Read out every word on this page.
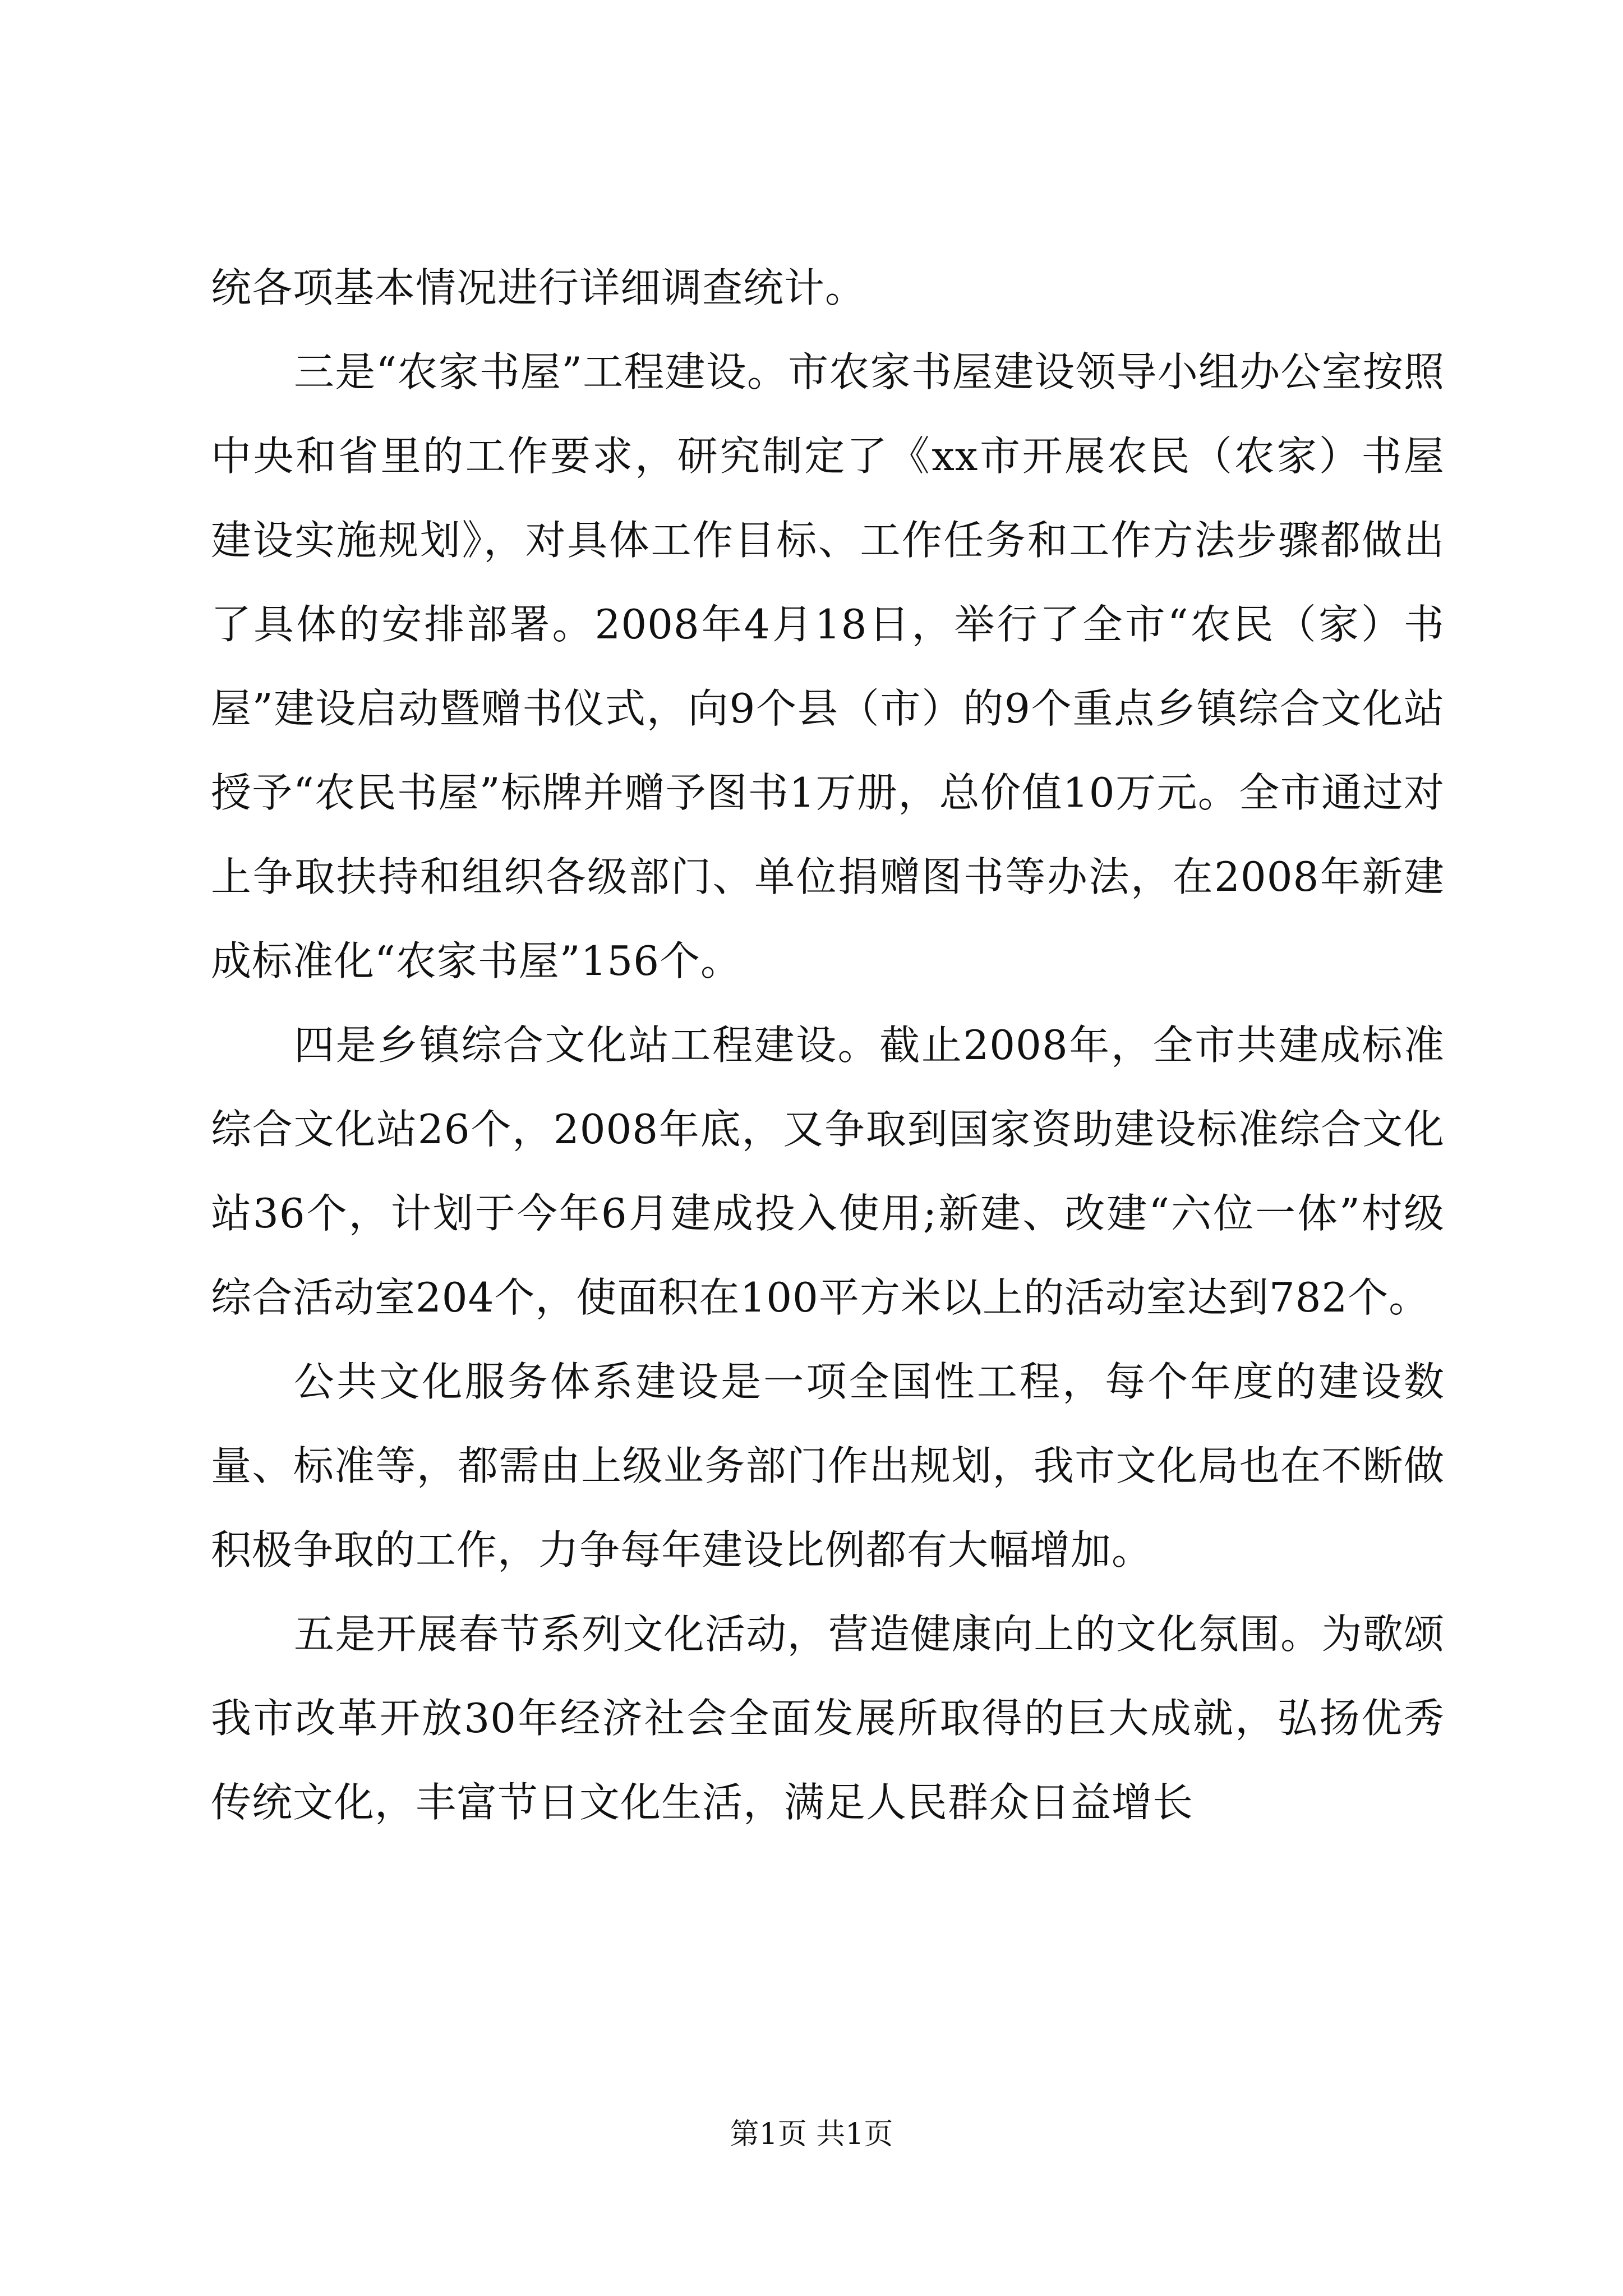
统各项基本情况进行详细调查统计。

三是“农家书屋”工程建设。市农家书屋建设领导小组办公室按照中央和省里的工作要求，研究制定了《xx市开展农民（农家）书屋建设实施规划》，对具体工作目标、工作任务和工作方法步骤都做出了具体的安排部署。2008年4月18日，举行了全市“农民（家）书屋”建设启动暨赠书仪式，向9个县（市）的9个重点乡镇综合文化站授予“农民书屋”标牌并赠予图书1万册，总价值10万元。全市通过对上争取扶持和组织各级部门、单位捐赠图书等办法，在2008年新建成标准化“农家书屋”156个。

四是乡镇综合文化站工程建设。截止2008年，全市共建成标准综合文化站26个，2008年底，又争取到国家资助建设标准综合文化站36个，计划于今年6月建成投入使用;新建、改建“六位一体”村级综合活动室204个，使面积在100平方米以上的活动室达到782个。

公共文化服务体系建设是一项全国性工程，每个年度的建设数量、标准等，都需由上级业务部门作出规划，我市文化局也在不断做积极争取的工作，力争每年建设比例都有大幅增加。

五是开展春节系列文化活动，营造健康向上的文化氛围。为歌颂我市改革开放30年经济社会全面发展所取得的巨大成就，弘扬优秀传统文化，丰富节日文化生活，满足人民群众日益增长

第1页 共1页
